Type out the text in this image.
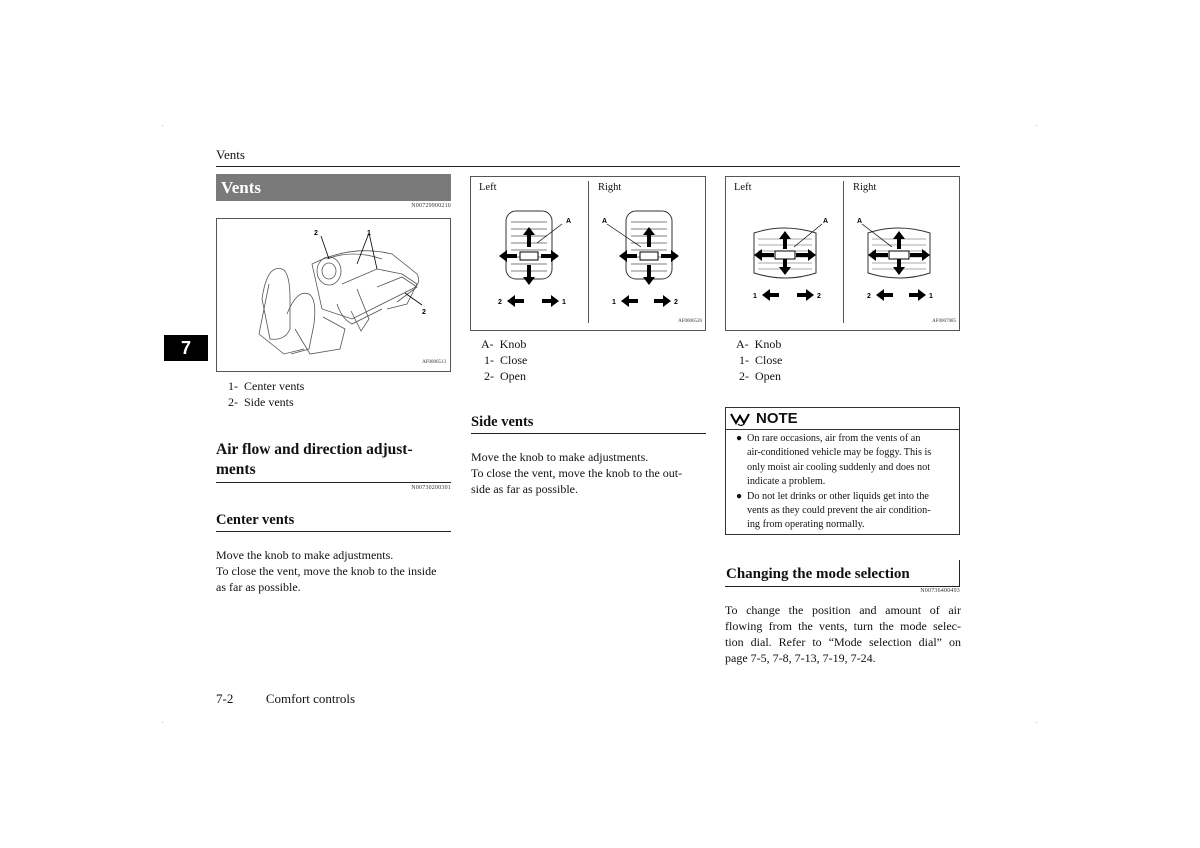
Vents
7
Vents
N00729900210
2	1
2
AF0006513
1- Center vents
2- Side vents
Air flow and direction adjust-
ments
N00730200301
Center vents
Move the knob to make adjustments.
To close the vent, move the knob to the inside
as far as possible.
Left	Right
A
2	1
A
1	2
AF0006526
A- Knob
1- Close
2- Open
Side vents
Move the knob to make adjustments.
To close the vent, move the knob to the out-
side as far as possible.
Left	Right
A
1	2
A
2	1
AF0007985
A- Knob
1- Close
2- Open
NOTE
● On rare occasions, air from the vents of an
air-conditioned vehicle may be foggy. This is
only moist air cooling suddenly and does not
indicate a problem.
● Do not let drinks or other liquids get into the
vents as they could prevent the air condition-
ing from operating normally.
Changing the mode selection
N00736400493
To change the position and amount of air
flowing from the vents, turn the mode selec-
tion dial. Refer to “Mode selection dial” on
page 7-5, 7-8, 7-13, 7-19, 7-24.
7-2	Comfort controls
